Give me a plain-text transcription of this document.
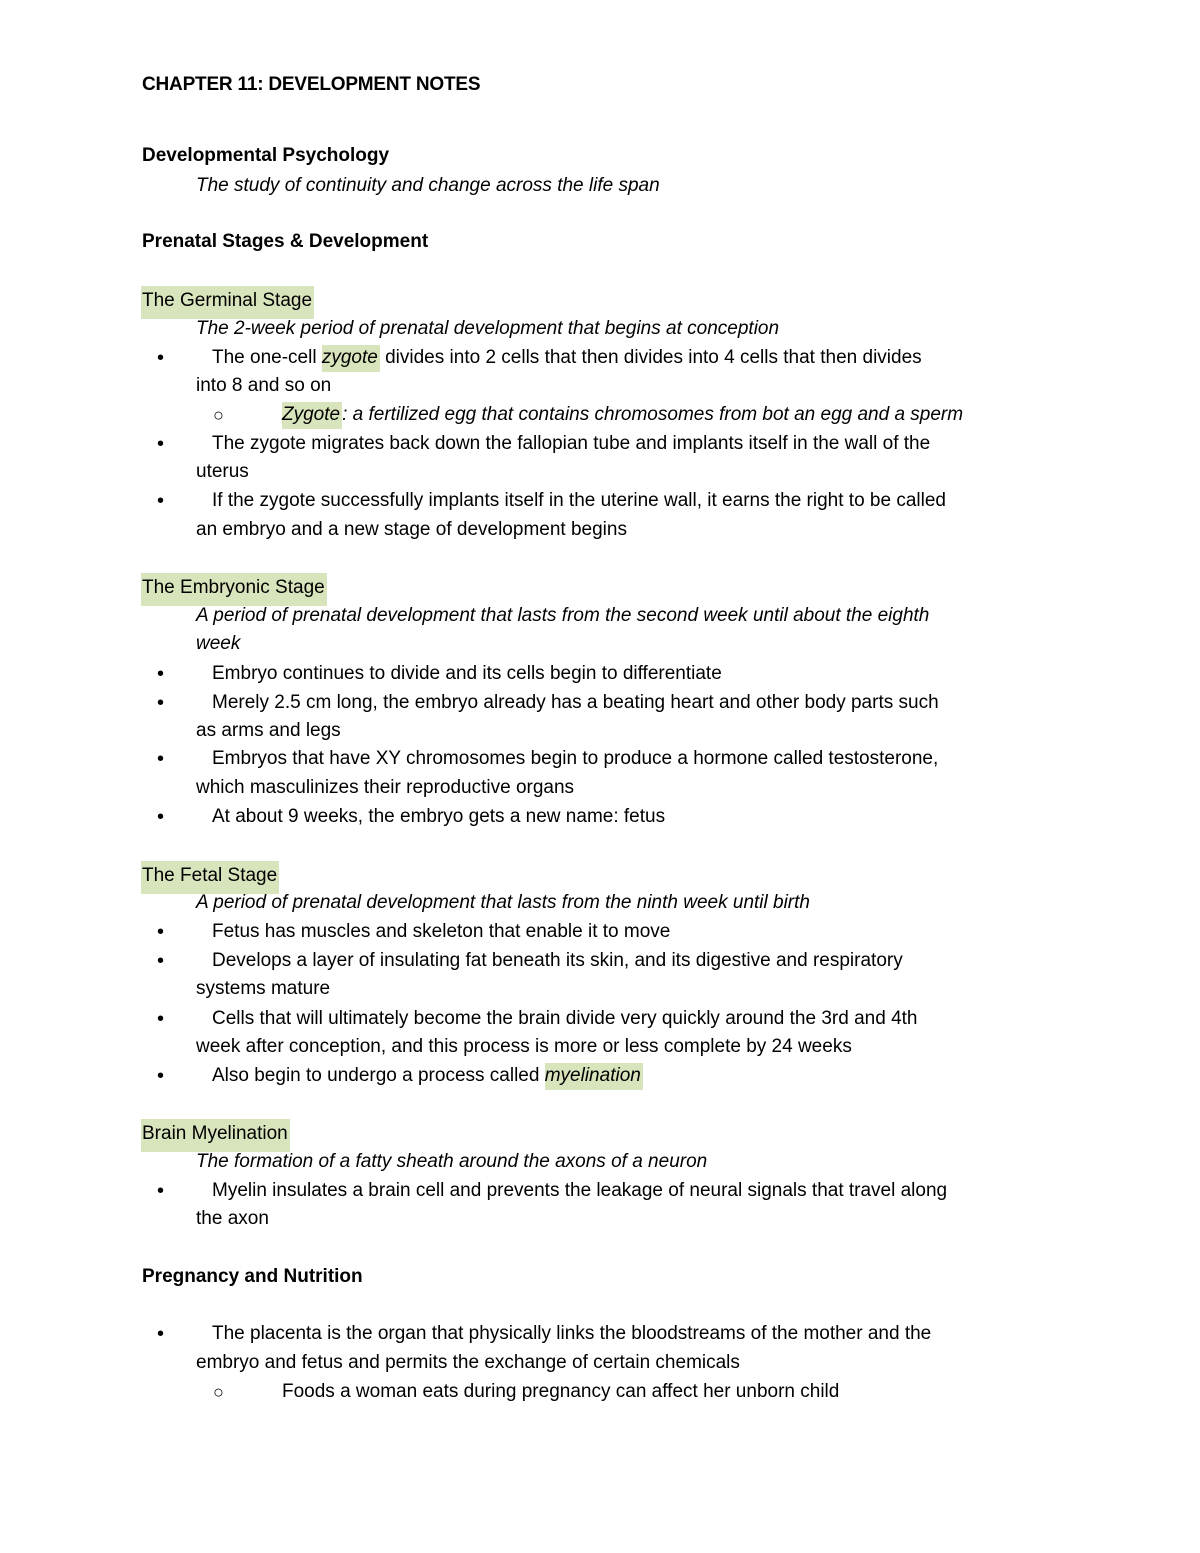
CHAPTER 11: DEVELOPMENT NOTES
Developmental Psychology
The study of continuity and change across the life span
Prenatal Stages & Development
The Germinal Stage
The 2-week period of prenatal development that begins at conception
•	The one-cell zygote divides into 2 cells that then divides into 4 cells that then divides
into 8 and so on
○	Zygote : a fertilized egg that contains chromosomes from bot an egg and a sperm
•	The zygote migrates back down the fallopian tube and implants itself in the wall of the
uterus
•	If the zygote successfully implants itself in the uterine wall, it earns the right to be called
an embryo and a new stage of development begins
The Embryonic Stage
A period of prenatal development that lasts from the second week until about the eighth
week
•	Embryo continues to divide and its cells begin to differentiate
•	Merely 2.5 cm long, the embryo already has a beating heart and other body parts such
as arms and legs
•	Embryos that have XY chromosomes begin to produce a hormone called testosterone,
which masculinizes their reproductive organs
•	At about 9 weeks, the embryo gets a new name: fetus
The Fetal Stage
A period of prenatal development that lasts from the ninth week until birth
•	Fetus has muscles and skeleton that enable it to move
•	Develops a layer of insulating fat beneath its skin, and its digestive and respiratory
systems mature
•	Cells that will ultimately become the brain divide very quickly around the 3rd and 4th
week after conception, and this process is more or less complete by 24 weeks
•	Also begin to undergo a process called myelination
Brain Myelination
The formation of a fatty sheath around the axons of a neuron
•	Myelin insulates a brain cell and prevents the leakage of neural signals that travel along
the axon
Pregnancy and Nutrition
•	The placenta is the organ that physically links the bloodstreams of the mother and the
embryo and fetus and permits the exchange of certain chemicals
○	Foods a woman eats during pregnancy can affect her unborn child
